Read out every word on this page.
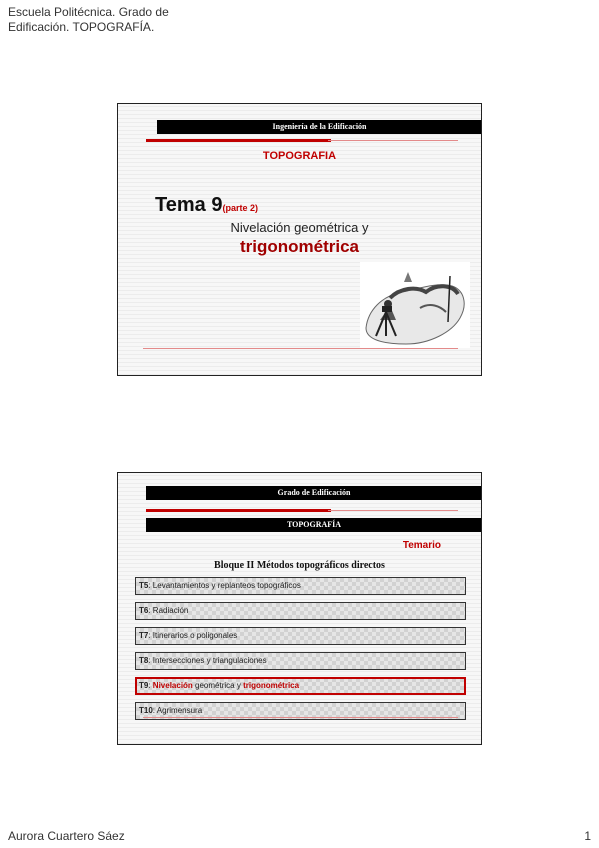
Escuela Politécnica. Grado de
Edificación. TOPOGRAFÍA.
Ingeniería de la Edificación
TOPOGRAFIA
Tema 9(parte 2)
Nivelación geométrica y
trigonométrica
Grado de Edificación
TOPOGRAFÍA
Temario
Bloque II Métodos topográficos directos
T5: Levantamientos y replanteos topográficos
T6: Radiación
T7: Itinerarios o poligonales
T8: Intersecciones y triangulaciones
T9: Nivelación geométrica y trigonométrica
T10: Agrimensura
Aurora Cuartero Sáez	1
